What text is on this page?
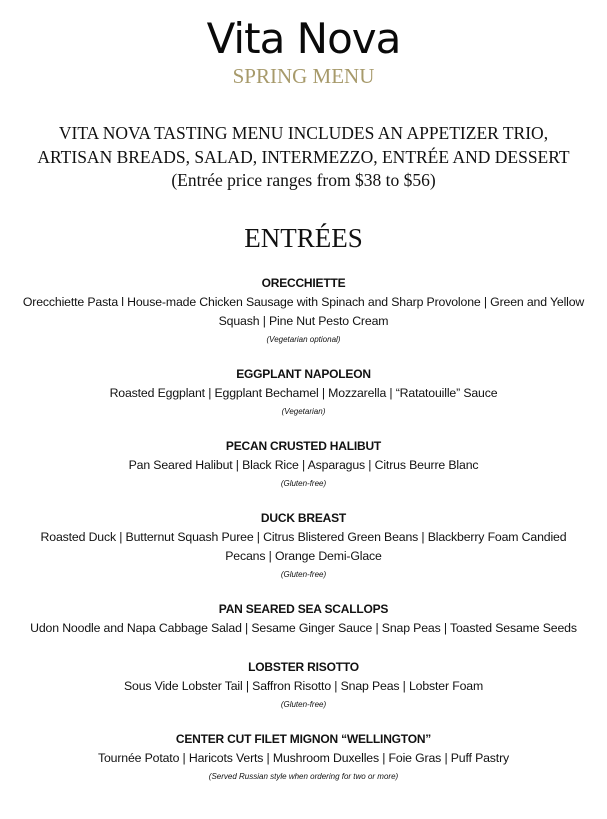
Vita Nova
SPRING MENU
VITA NOVA TASTING MENU INCLUDES AN APPETIZER TRIO,
ARTISAN BREADS, SALAD, INTERMEZZO, ENTRÉE AND DESSERT
(Entrée price ranges from $38 to $56)
ENTRÉES
ORECCHIETTE
Orecchiette Pasta l House-made Chicken Sausage with Spinach and Sharp Provolone | Green and Yellow
Squash | Pine Nut Pesto Cream
(Vegetarian optional)
EGGPLANT NAPOLEON
Roasted Eggplant | Eggplant Bechamel | Mozzarella | “Ratatouille” Sauce
(Vegetarian)
PECAN CRUSTED HALIBUT
Pan Seared Halibut | Black Rice | Asparagus | Citrus Beurre Blanc
(Gluten-free)
DUCK BREAST
Roasted Duck | Butternut Squash Puree | Citrus Blistered Green Beans | Blackberry Foam Candied
Pecans | Orange Demi-Glace
(Gluten-free)
PAN SEARED SEA SCALLOPS
Udon Noodle and Napa Cabbage Salad | Sesame Ginger Sauce | Snap Peas | Toasted Sesame Seeds
LOBSTER RISOTTO
Sous Vide Lobster Tail | Saffron Risotto | Snap Peas | Lobster Foam
(Gluten-free)
CENTER CUT FILET MIGNON “WELLINGTON”
Tournée Potato | Haricots Verts | Mushroom Duxelles | Foie Gras | Puff Pastry
(Served Russian style when ordering for two or more)
